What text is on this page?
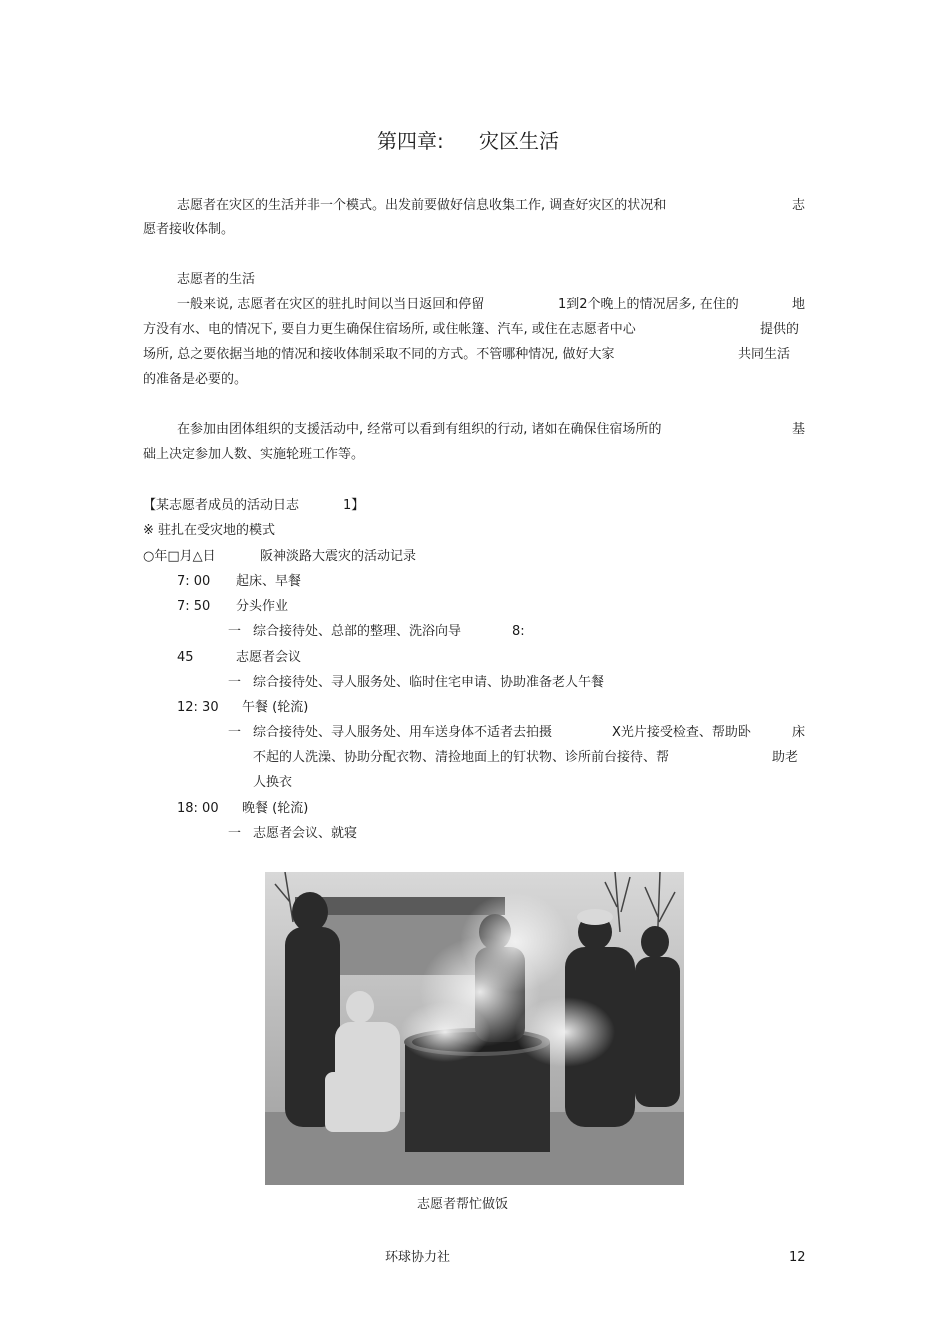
第四章: 灾区生活
志愿者在灾区的生活并非一个模式。出发前要做好信息收集工作, 调查好灾区的状况和	志
愿者接收体制。
志愿者的生活
一般来说, 志愿者在灾区的驻扎时间以当日返回和停留	1到2个晚上的情况居多, 在住的	地
方没有水、电的情况下, 要自力更生确保住宿场所, 或住帐篷、汽车, 或住在志愿者中心	提供的
场所, 总之要依据当地的情况和接收体制采取不同的方式。不管哪种情况, 做好大家	共同生活
的准备是必要的。
在参加由团体组织的支援活动中, 经常可以看到有组织的行动, 诸如在确保住宿场所的	基
础上决定参加人数、实施轮班工作等。
【某志愿者成员的活动日志	1】
※ 驻扎在受灾地的模式
○年□月△日	阪神淡路大震灾的活动记录
7: 00 起床、早餐
7: 50 分头作业
一 综合接待处、总部的整理、洗浴向导	8:
45	志愿者会议
一 综合接待处、寻人服务处、临时住宅申请、协助准备老人午餐
12: 30 午餐 (轮流)
一 综合接待处、寻人服务处、用车送身体不适者去拍摄	X光片接受检查、帮助卧	床
不起的人洗澡、协助分配衣物、清捡地面上的钉状物、诊所前台接待、帮	助老
人换衣
18: 00 晚餐 (轮流)
一 志愿者会议、就寝
志愿者帮忙做饭
环球协力社	12
